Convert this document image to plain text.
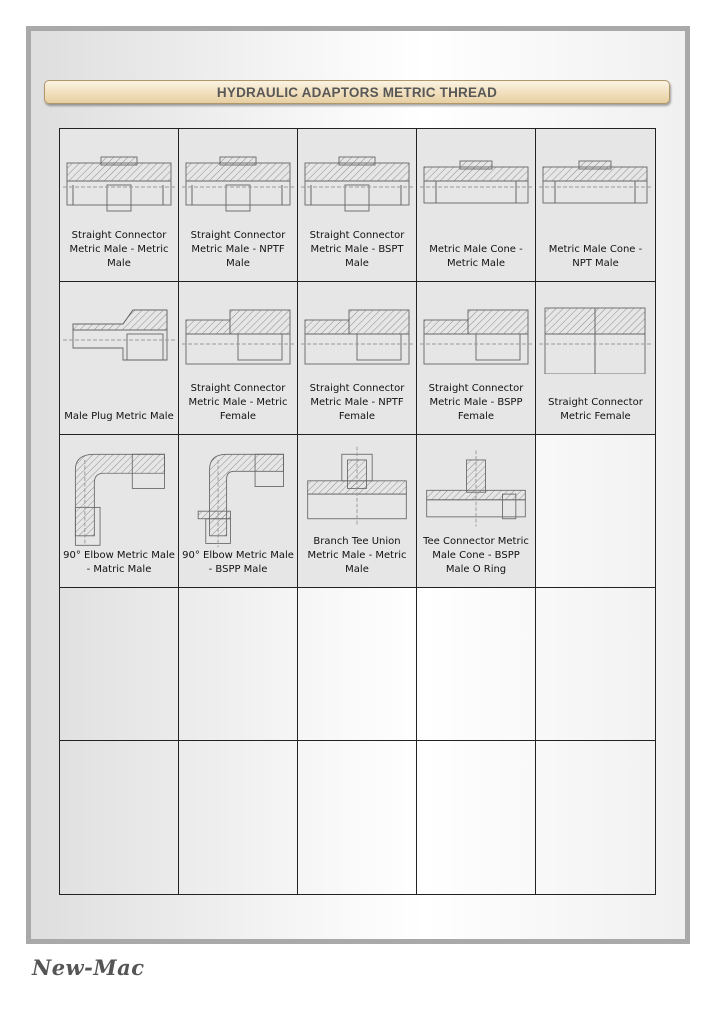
HYDRAULIC ADAPTORS METRIC THREAD
Straight Connector Metric Male - Metric Male
Straight Connector Metric Male - NPTF Male
Straight Connector Metric Male - BSPT Male
Metric Male Cone - Metric Male
Metric Male Cone - NPT Male
Male Plug Metric Male
Straight Connector Metric Male - Metric Female
Straight Connector Metric Male - NPTF Female
Straight Connector Metric Male - BSPP Female
Straight Connector Metric Female
90° Elbow Metric Male - Matric Male
90° Elbow Metric Male - BSPP Male
Branch Tee Union Metric Male - Metric Male
Tee Connector Metric Male Cone - BSPP Male O Ring
New-Mac
